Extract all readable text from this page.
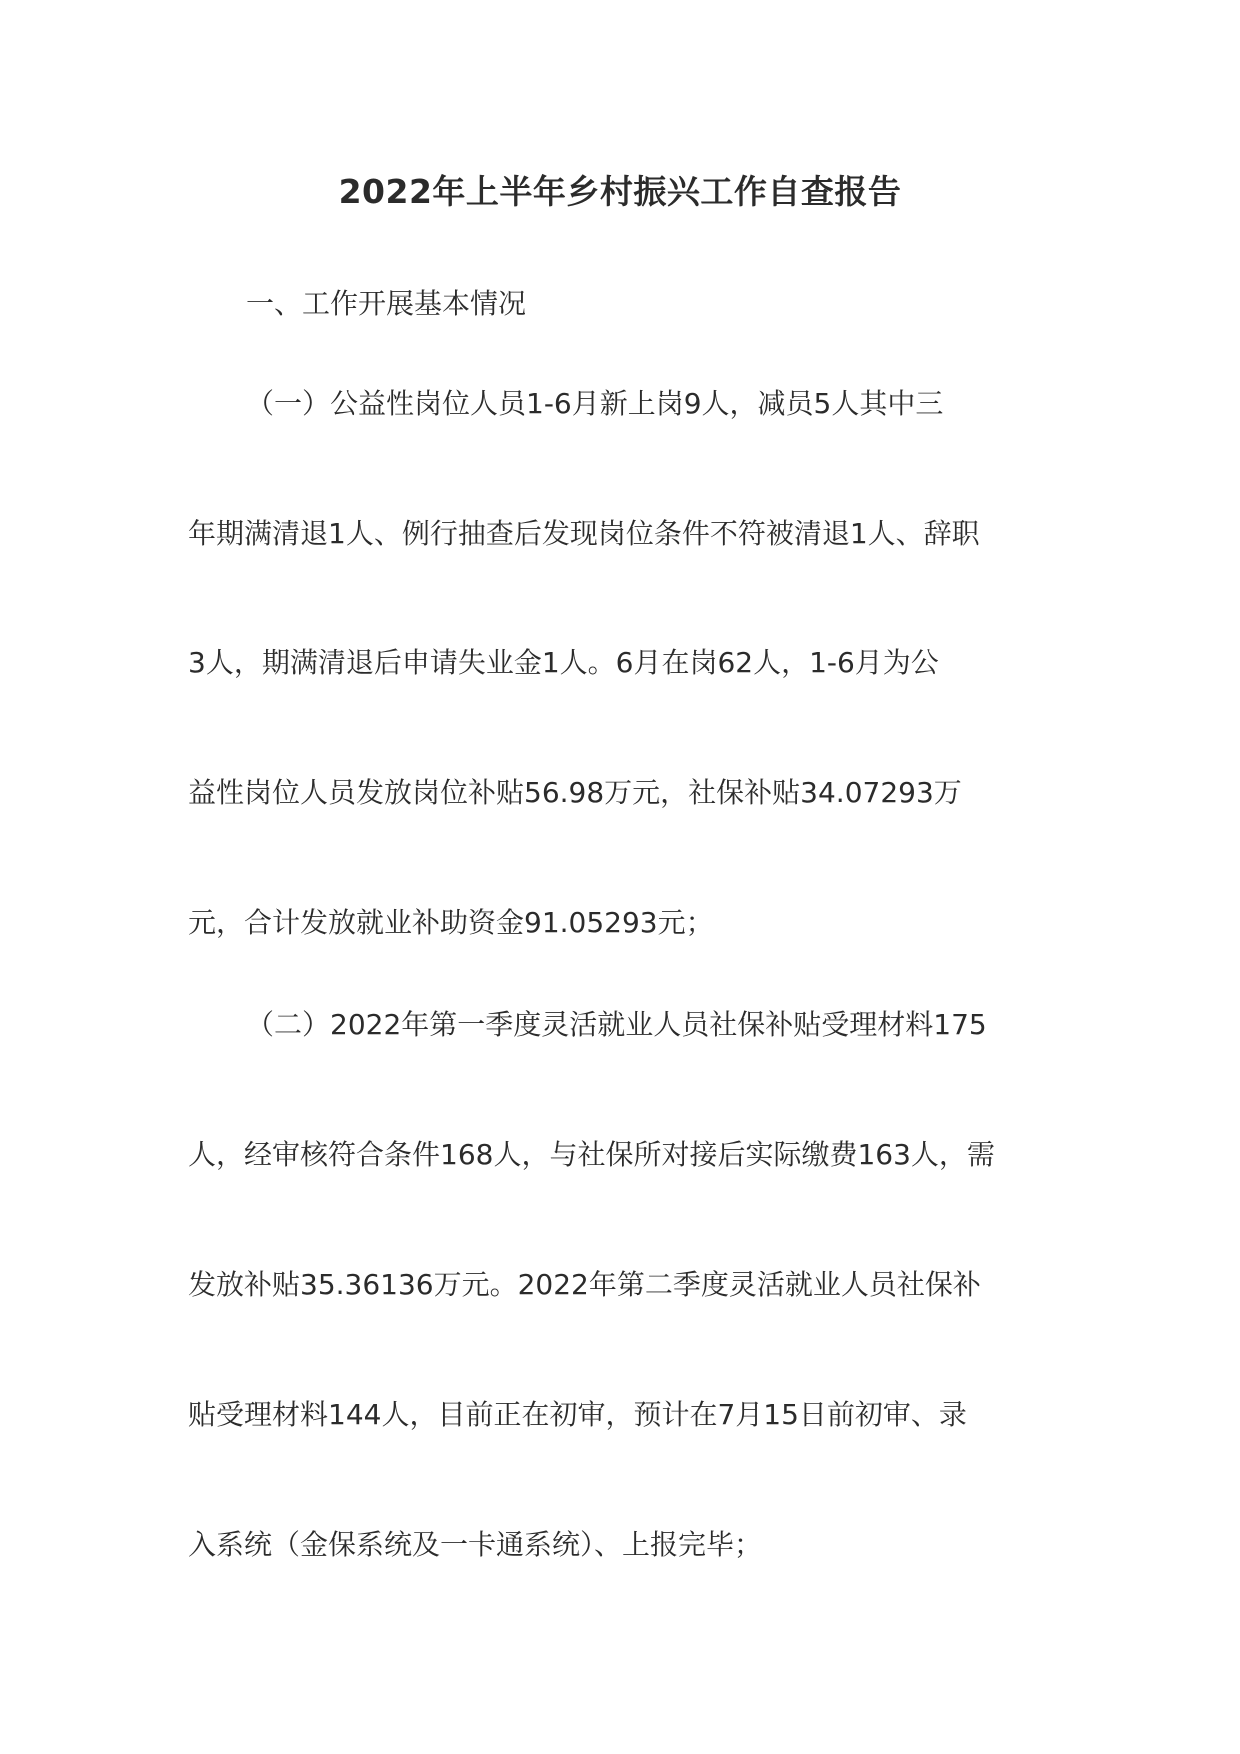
2022年上半年乡村振兴工作自查报告

一、工作开展基本情况

（一）公益性岗位人员1-6月新上岗9人，减员5人其中三

年期满清退1人、例行抽查后发现岗位条件不符被清退1人、辞职

3人，期满清退后申请失业金1人。6月在岗62人，1-6月为公

益性岗位人员发放岗位补贴56.98万元，社保补贴34.07293万

元，合计发放就业补助资金91.05293元；

（二）2022年第一季度灵活就业人员社保补贴受理材料175

人，经审核符合条件168人，与社保所对接后实际缴费163人，需

发放补贴35.36136万元。2022年第二季度灵活就业人员社保补

贴受理材料144人，目前正在初审，预计在7月15日前初审、录

入系统（金保系统及一卡通系统）、上报完毕；
